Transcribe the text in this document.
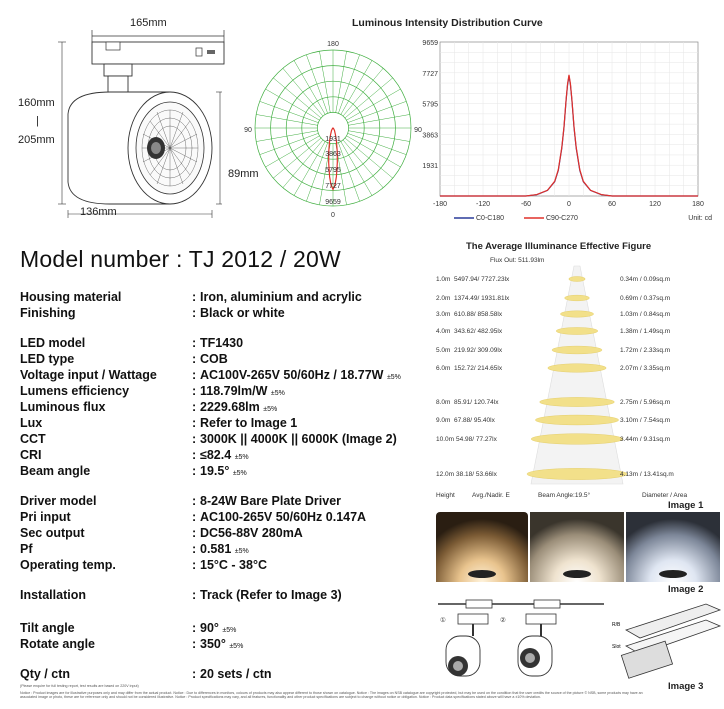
165mm
160mm
|
205mm
89mm
136mm
Luminous Intensity Distribution Curve
180
0
90	90
1931
3863
5795
7727
9659	-180	-120	-60	0	60	120	180
9659
7727
5795
3863
1931
C0-C180	C90-C270	Unit: cd
Model number : TJ 2012 / 20W
Housing material	: Iron, aluminium and acrylic
Finishing	: Black or white
LED model	: TF1430
LED type	: COB
Voltage input / Wattage	: AC100V-265V 50/60Hz / 18.77W ±5%
Lumens efficiency	: 118.79lm/W ±5%
Luminous flux	: 2229.68lm ±5%
Lux	: Refer to Image 1
CCT	: 3000K || 4000K || 6000K (Image 2)
CRI	: ≤82.4 ±5%
Beam angle	: 19.5° ±5%
Driver model	: 8-24W Bare Plate Driver
Pri input	: AC100-265V 50/60Hz 0.147A
Sec output	: DC56-88V 280mA
Pf	: 0.581 ±5%
Operating temp.	: 15°C - 38°C
Installation	: Track (Refer to Image 3)
Tilt angle	: 90° ±5%
Rotate angle	: 350° ±5%
Qty / ctn	: 20 sets / ctn
The Average Illuminance Effective Figure
Flux Out: 511.93lm
1.0m 5497.94/ 7727.23lx	0.34m / 0.09sq.m
2.0m 1374.49/ 1931.81lx	0.69m / 0.37sq.m
3.0m 610.88/ 858.58lx	1.03m / 0.84sq.m
4.0m 343.62/ 482.95lx	1.38m / 1.49sq.m
5.0m 219.92/ 309.09lx	1.72m / 2.33sq.m
6.0m 152.72/ 214.65lx	2.07m / 3.35sq.m
8.0m 85.91/ 120.74lx	2.75m / 5.96sq.m
9.0m 67.88/ 95.40lx	3.10m / 7.54sq.m
10.0m 54.98/ 77.27lx	3.44m / 9.31sq.m
12.0m 38.18/ 53.66lx	4.13m / 13.41sq.m
Height	Avg./Nadir. E	Beam Angle:19.5°	Diameter / Area
Image 1
Image 2
①	②
R/B
Slot
Image 3
(Please enquire for full testing report, test results are based on 220V input)
Notice : Product images are for illustrative purposes only and may differ from the actual product. Notice : Due to differences in monitors, colours of products may also appear different to those shown on catalogue. Notice : The images on NSB catalogue are copyright protected, but may be used on the condition that the user credits the source of the picture © NSB, some products may have an associated image or photo, these are for reference only and should not be considered illustrative. Notice : Product specifications may vary, and all features, functionality and other product specifications are subject to change without notice or obligation. Notice : Product data specifications stated above will have a ±10% deviation.
